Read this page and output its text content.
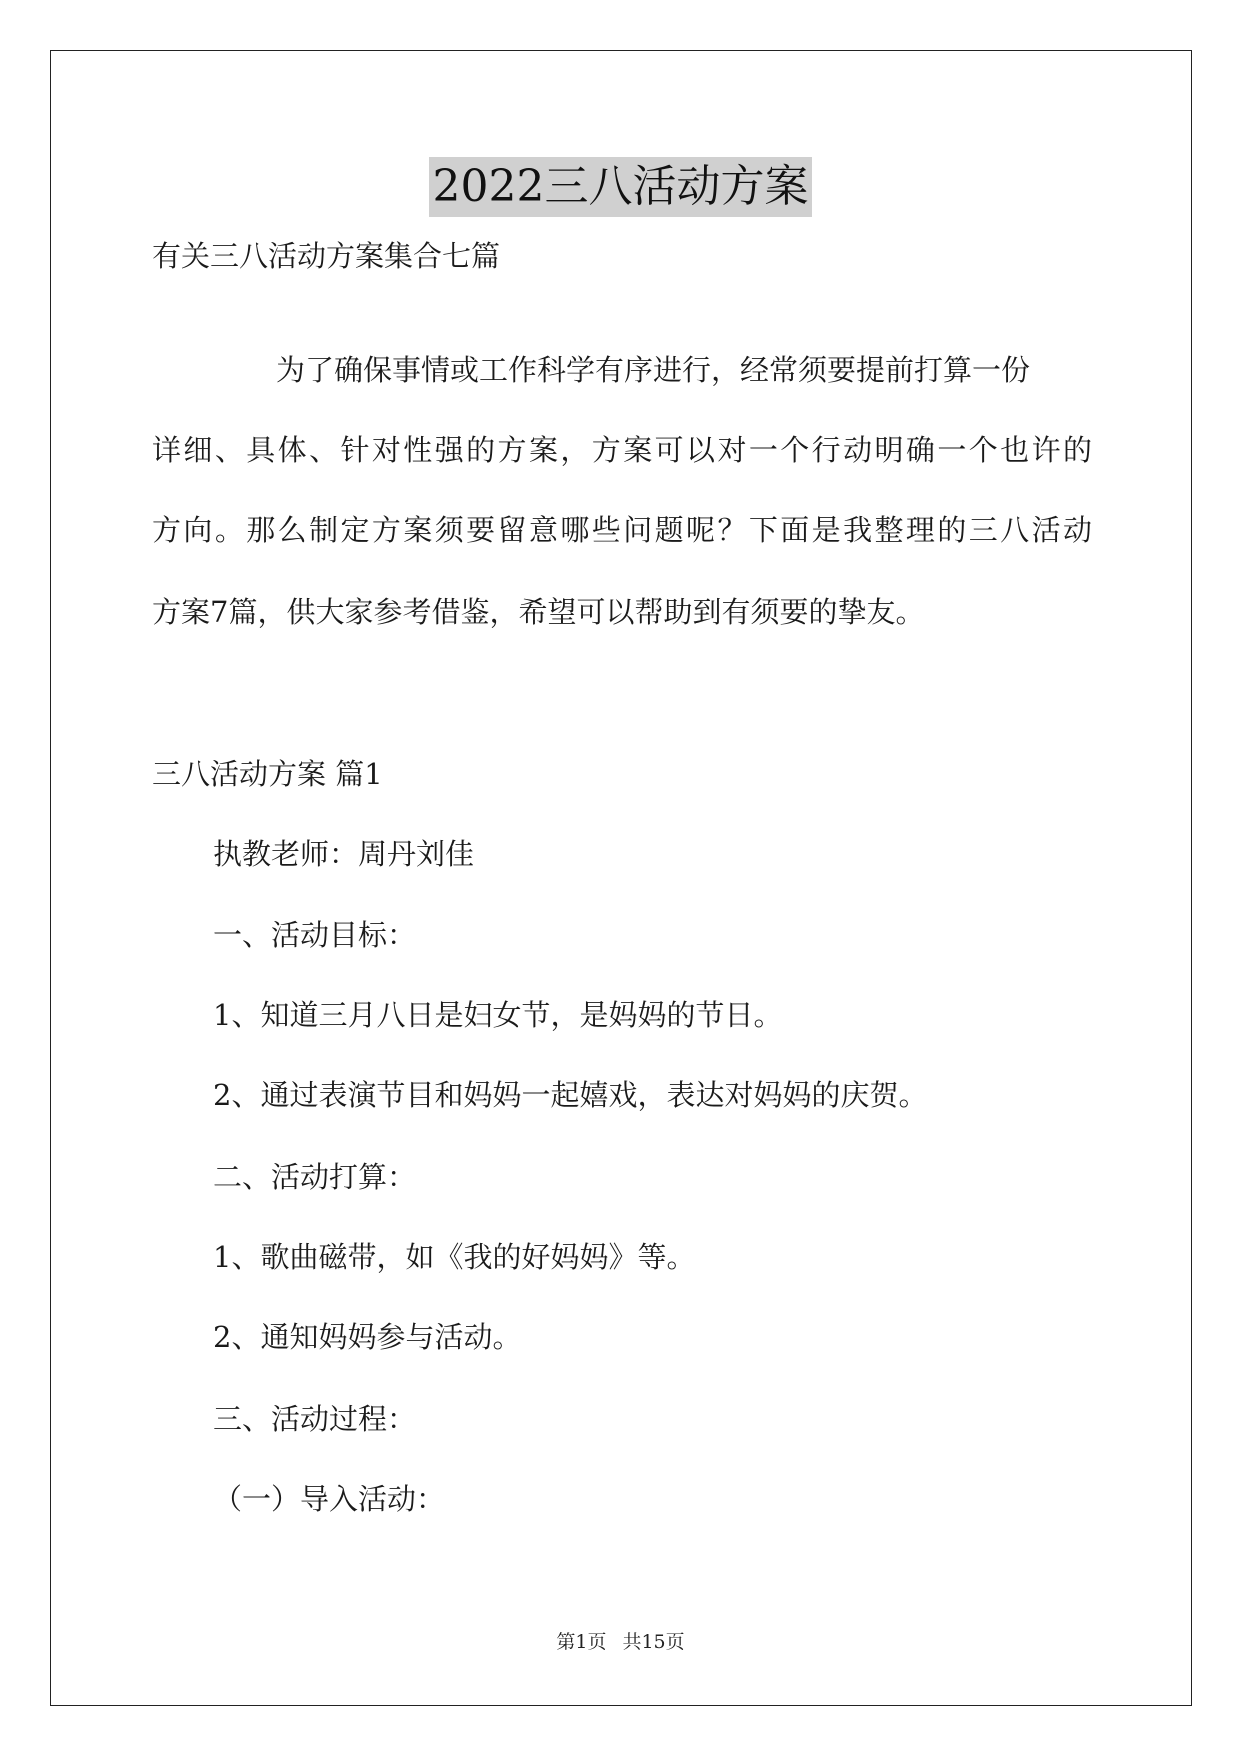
2022三八活动方案
有关三八活动方案集合七篇
为了确保事情或工作科学有序进行，经常须要提前打算一份
详细、具体、针对性强的方案，方案可以对一个行动明确一个也许的
方向。那么制定方案须要留意哪些问题呢？下面是我整理的三八活动
方案7篇，供大家参考借鉴，希望可以帮助到有须要的挚友。
三八活动方案 篇1
执教老师：周丹刘佳
一、活动目标：
1、知道三月八日是妇女节，是妈妈的节日。
2、通过表演节目和妈妈一起嬉戏，表达对妈妈的庆贺。
二、活动打算：
1、歌曲磁带，如《我的好妈妈》等。
2、通知妈妈参与活动。
三、活动过程：
（一）导入活动：
第1页 共15页
